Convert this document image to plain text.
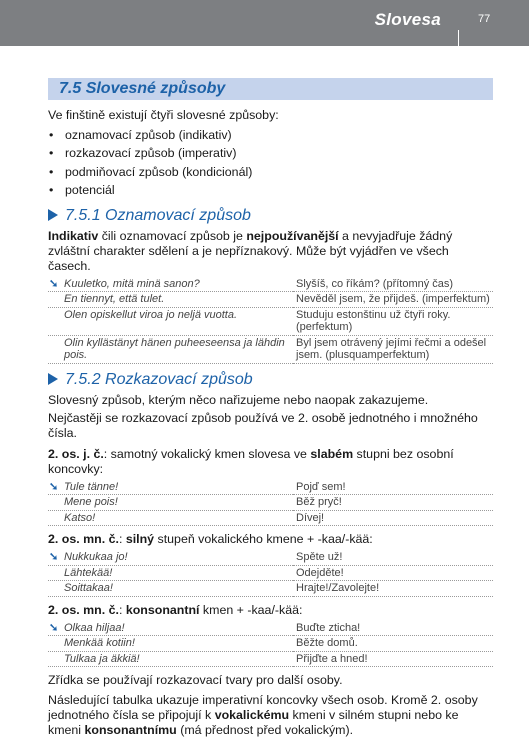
Slovesa	77
7.5 Slovesné způsoby

Ve finštině existují čtyři slovesné způsoby:

• oznamovací způsob (indikativ)
• rozkazovací způsob (imperativ)
• podmiňovací způsob (kondicionál)
• potenciál
7.5.1 Oznamovací způsob

Indikativ čili oznamovací způsob je nejpoužívanější a nevyjadřuje žádný zvláštní charakter sdělení a je nepříznakový. Může být vyjádřen ve všech časech.

➘ Kuuletko, mitä minä sanon?	Slyšíš, co říkám? (přítomný čas)
En tiennyt, että tulet.	Nevěděl jsem, že přijdeš. (imperfektum)
Olen opiskellut viroa jo neljä vuotta.	Studuju estonštinu už čtyři roky. (perfektum)
Olin kyllästänyt hänen puheeseensa ja lähdin pois.	Byl jsem otrávený jejími řečmi a odešel jsem. (plusquamperfektum)
7.5.2 Rozkazovací způsob

Slovesný způsob, kterým něco nařizujeme nebo naopak zakazujeme.

Nejčastěji se rozkazovací způsob používá ve 2. osobě jednotného i množného čísla.

2. os. j. č.: samotný vokalický kmen slovesa ve slabém stupni bez osobní koncovky:

➘ Tule tänne!	Pojď sem!
Mene pois!	Běž pryč!
Katso!	Dívej!

2. os. mn. č.: silný stupeň vokalického kmene + -kaa/-kää:

➘ Nukkukaa jo!	Spěte už!
Lähtekää!	Odejděte!
Soittakaa!	Hrajte!/Zavolejte!

2. os. mn. č.: konsonantní kmen + -kaa/-kää:

➘ Olkaa hiljaa!	Buďte zticha!
Menkää kotiin!	Běžte domů.
Tulkaa ja äkkiä!	Přijďte a hned!

Zřídka se používají rozkazovací tvary pro další osoby.

Následující tabulka ukazuje imperativní koncovky všech osob. Kromě 2. osoby jednotného čísla se připojují k vokalickému kmeni v silném stupni nebo ke kmeni konsonantnímu (má přednost před vokalickým).
